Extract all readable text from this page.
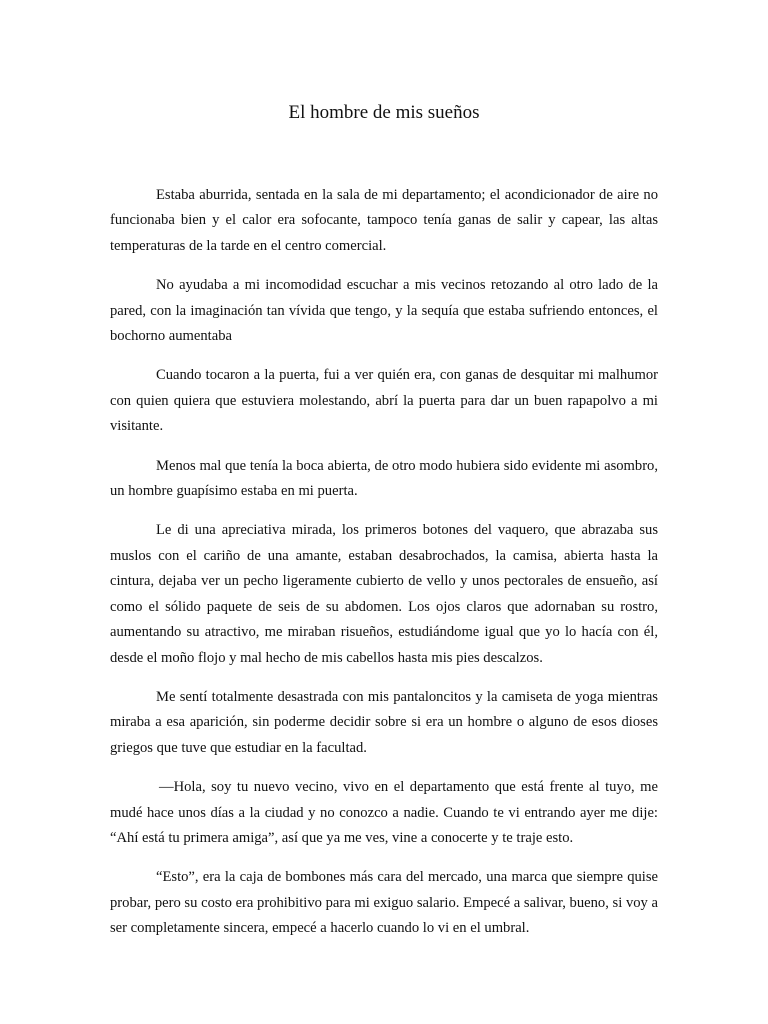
El hombre de mis sueños

Estaba aburrida, sentada en la sala de mi departamento; el acondicionador de aire no funcionaba bien y el calor era sofocante, tampoco tenía ganas de salir y capear, las altas temperaturas de la tarde en el centro comercial.

No ayudaba a mi incomodidad escuchar a mis vecinos retozando al otro lado de la pared, con la imaginación tan vívida que tengo, y la sequía que estaba sufriendo entonces, el bochorno aumentaba

Cuando tocaron a la puerta, fui a ver quién era, con ganas de desquitar mi malhumor con quien quiera que estuviera molestando, abrí la puerta para dar un buen rapapolvo a mi visitante.

Menos mal que tenía la boca abierta, de otro modo hubiera sido evidente mi asombro, un hombre guapísimo estaba en mi puerta.

Le di una apreciativa mirada, los primeros botones del vaquero, que abrazaba sus muslos con el cariño de una amante, estaban desabrochados, la camisa, abierta hasta la cintura, dejaba ver un pecho ligeramente cubierto de vello y unos pectorales de ensueño, así como el sólido paquete de seis de su abdomen. Los ojos claros que adornaban su rostro, aumentando su atractivo, me miraban risueños, estudiándome igual que yo lo hacía con él, desde el moño flojo y mal hecho de mis cabellos hasta mis pies descalzos.

Me sentí totalmente desastrada con mis pantaloncitos y la camiseta de yoga mientras miraba a esa aparición, sin poderme decidir sobre si era un hombre o alguno de esos dioses griegos que tuve que estudiar en la facultad.

—Hola, soy tu nuevo vecino, vivo en el departamento que está frente al tuyo, me mudé hace unos días a la ciudad y no conozco a nadie. Cuando te vi entrando ayer me dije: “Ahí está tu primera amiga”, así que ya me ves, vine a conocerte y te traje esto.

“Esto”, era la caja de bombones más cara del mercado, una marca que siempre quise probar, pero su costo era prohibitivo para mi exiguo salario. Empecé a salivar, bueno, si voy a ser completamente sincera, empecé a hacerlo cuando lo vi en el umbral.
